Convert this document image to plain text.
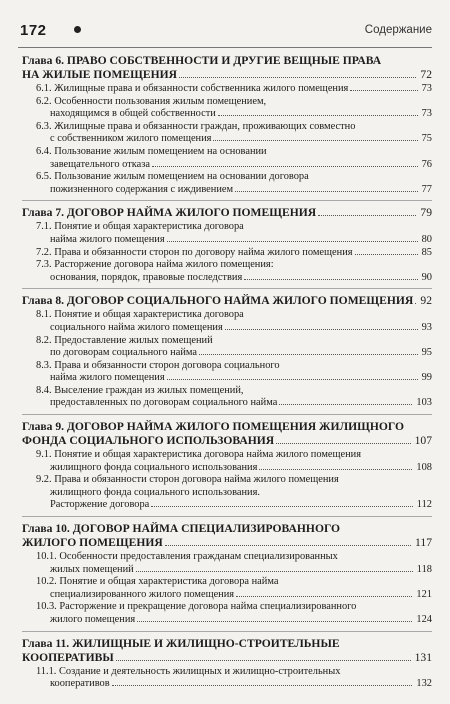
172	Содержание
Глава 6. ПРАВО СОБСТВЕННОСТИ И ДРУГИЕ ВЕЩНЫЕ ПРАВА
НА ЖИЛЫЕ ПОМЕЩЕНИЯ	72
6.1. Жилищные права и обязанности собственника жилого помещения	73
6.2. Особенности пользования жилым помещением,
находящимся в общей собственности	73
6.3. Жилищные права и обязанности граждан, проживающих совместно
с собственником жилого помещения	75
6.4. Пользование жилым помещением на основании
завещательного отказа	76
6.5. Пользование жилым помещением на основании договора
пожизненного содержания с иждивением	77
Глава 7. ДОГОВОР НАЙМА ЖИЛОГО ПОМЕЩЕНИЯ	79
7.1. Понятие и общая характеристика договора
найма жилого помещения	80
7.2. Права и обязанности сторон по договору найма жилого помещения	85
7.3. Расторжение договора найма жилого помещения:
основания, порядок, правовые последствия	90
Глава 8. ДОГОВОР СОЦИАЛЬНОГО НАЙМА ЖИЛОГО ПОМЕЩЕНИЯ 92
8.1. Понятие и общая характеристика договора
социального найма жилого помещения	93
8.2. Предоставление жилых помещений
по договорам социального найма	95
8.3. Права и обязанности сторон договора социального
найма жилого помещения	99
8.4. Выселение граждан из жилых помещений,
предоставленных по договорам социального найма	103
Глава 9. ДОГОВОР НАЙМА ЖИЛОГО ПОМЕЩЕНИЯ ЖИЛИЩНОГО
ФОНДА СОЦИАЛЬНОГО ИСПОЛЬЗОВАНИЯ	107
9.1. Понятие и общая характеристика договора найма жилого помещения
жилищного фонда социального использования	108
9.2. Права и обязанности сторон договора найма жилого помещения
жилищного фонда социального использования.
Расторжение договора	112
Глава 10. ДОГОВОР НАЙМА СПЕЦИАЛИЗИРОВАННОГО
ЖИЛОГО ПОМЕЩЕНИЯ	117
10.1. Особенности предоставления гражданам специализированных
жилых помещений	118
10.2. Понятие и общая характеристика договора найма
специализированного жилого помещения	121
10.3. Расторжение и прекращение договора найма специализированного
жилого помещения	124
Глава 11. ЖИЛИЩНЫЕ И ЖИЛИЩНО-СТРОИТЕЛЬНЫЕ
КООПЕРАТИВЫ	131
11.1. Создание и деятельность жилищных и жилищно-строительных
кооперативов	132
